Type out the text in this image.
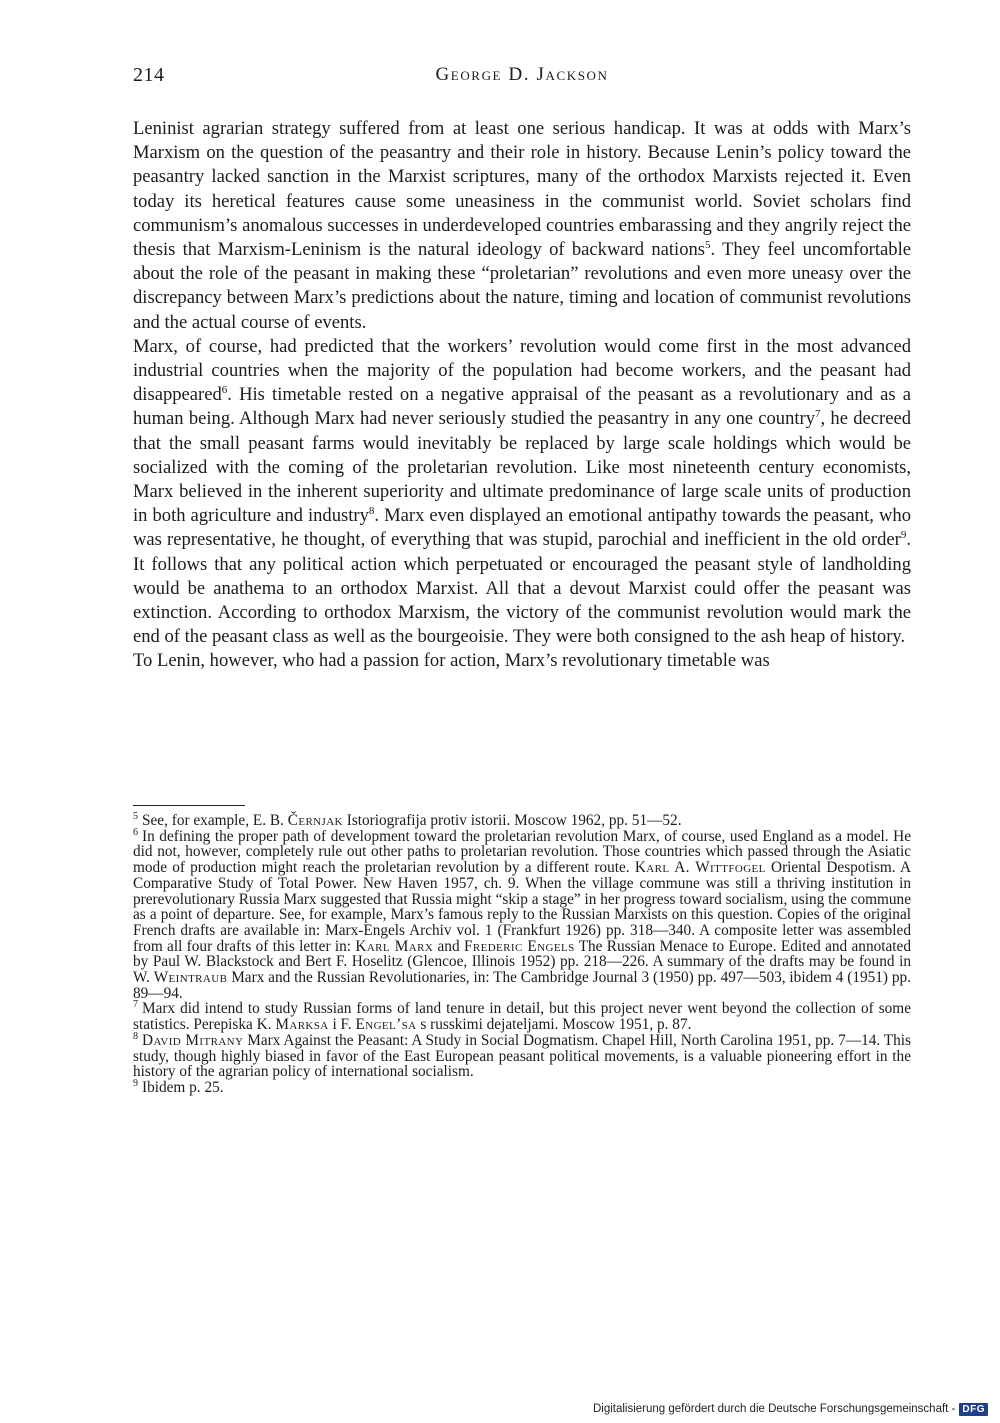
214	George D. Jackson

Leninist agrarian strategy suffered from at least one serious handicap. It was at odds with Marx’s Marxism on the question of the peasantry and their role in history. Because Lenin’s policy toward the peasantry lacked sanction in the Marxist scriptures, many of the orthodox Marxists rejected it. Even today its heretical features cause some uneasiness in the communist world. Soviet scholars find communism’s anomalous successes in underdeveloped countries embarassing and they angrily reject the thesis that Marxism-Leninism is the natural ideology of backward nations$^5$. They feel uncomfortable about the role of the peasant in making these “proletarian” revolutions and even more uneasy over the discrepancy between Marx’s predictions about the nature, timing and location of communist revolutions and the actual course of events.

Marx, of course, had predicted that the workers’ revolution would come first in the most advanced industrial countries when the majority of the population had become workers, and the peasant had disappeared$^6$. His timetable rested on a negative appraisal of the peasant as a revolutionary and as a human being. Although Marx had never seriously studied the peasantry in any one country$^7$, he decreed that the small peasant farms would inevitably be replaced by large scale holdings which would be socialized with the coming of the proletarian revolution. Like most nineteenth century economists, Marx believed in the inherent superiority and ultimate predominance of large scale units of production in both agriculture and industry$^8$. Marx even displayed an emotional antipathy towards the peasant, who was representative, he thought, of everything that was stupid, parochial and inefficient in the old order$^9$. It follows that any political action which perpetuated or encouraged the peasant style of landholding would be anathema to an orthodox Marxist. All that a devout Marxist could offer the peasant was extinction. According to orthodox Marxism, the victory of the communist revolution would mark the end of the peasant class as well as the bourgeoisie. They were both consigned to the ash heap of history.

To Lenin, however, who had a passion for action, Marx’s revolutionary timetable was

$^5$ See, for example, E. B. Černjak Istoriografija protiv istorii. Moscow 1962, pp. 51—52.

$^6$ In defining the proper path of development toward the proletarian revolution Marx, of course, used England as a model. He did not, however, completely rule out other paths to proletarian revolution. Those countries which passed through the Asiatic mode of production might reach the proletarian revolution by a different route. Karl A. Wittfogel Oriental Despotism. A Comparative Study of Total Power. New Haven 1957, ch. 9. When the village commune was still a thriving institution in prerevolutionary Russia Marx suggested that Russia might “skip a stage” in her progress toward socialism, using the commune as a point of departure. See, for example, Marx’s famous reply to the Russian Marxists on this question. Copies of the original French drafts are available in: Marx-Engels Archiv vol. 1 (Frankfurt 1926) pp. 318—340. A composite letter was assembled from all four drafts of this letter in: Karl Marx and Frederic Engels The Russian Menace to Europe. Edited and annotated by Paul W. Blackstock and Bert F. Hoselitz (Glencoe, Illinois 1952) pp. 218—226. A summary of the drafts may be found in W. Weintraub Marx and the Russian Revolutionaries, in: The Cambridge Journal 3 (1950) pp. 497—503, ibidem 4 (1951) pp. 89—94.

$^7$ Marx did intend to study Russian forms of land tenure in detail, but this project never went beyond the collection of some statistics. Perepiska K. Marksa i F. Engel’sa s russkimi dejateljami. Moscow 1951, p. 87.

$^8$ David Mitrany Marx Against the Peasant: A Study in Social Dogmatism. Chapel Hill, North Carolina 1951, pp. 7—14. This study, though highly biased in favor of the East European peasant political movements, is a valuable pioneering effort in the history of the agrarian policy of international socialism.

$^9$ Ibidem p. 25.

Digitalisierung gefördert durch die Deutsche Forschungsgemeinschaft - DFG
